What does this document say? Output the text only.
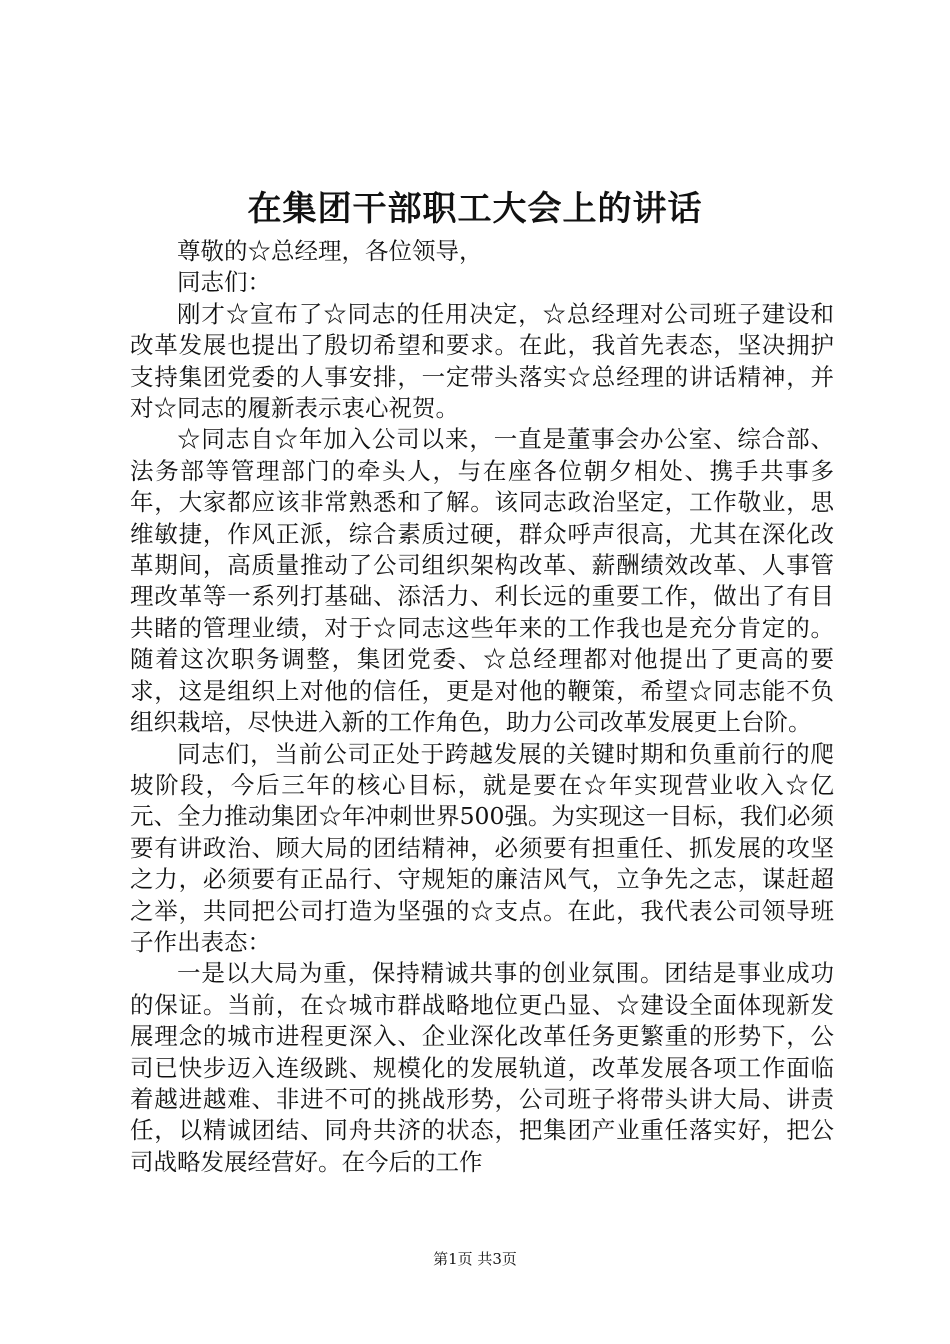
在集团干部职工大会上的讲话

尊敬的☆总经理，各位领导，

同志们：

刚才☆宣布了☆同志的任用决定，☆总经理对公司班子建设和改革发展也提出了殷切希望和要求。在此，我首先表态，坚决拥护支持集团党委的人事安排，一定带头落实☆总经理的讲话精神，并对☆同志的履新表示衷心祝贺。

☆同志自☆年加入公司以来，一直是董事会办公室、综合部、法务部等管理部门的牵头人，与在座各位朝夕相处、携手共事多年，大家都应该非常熟悉和了解。该同志政治坚定，工作敬业，思维敏捷，作风正派，综合素质过硬，群众呼声很高，尤其在深化改革期间，高质量推动了公司组织架构改革、薪酬绩效改革、人事管理改革等一系列打基础、添活力、利长远的重要工作，做出了有目共睹的管理业绩，对于☆同志这些年来的工作我也是充分肯定的。随着这次职务调整，集团党委、☆总经理都对他提出了更高的要求，这是组织上对他的信任，更是对他的鞭策，希望☆同志能不负组织栽培，尽快进入新的工作角色，助力公司改革发展更上台阶。

同志们，当前公司正处于跨越发展的关键时期和负重前行的爬坡阶段，今后三年的核心目标，就是要在☆年实现营业收入☆亿元、全力推动集团☆年冲刺世界500强。为实现这一目标，我们必须要有讲政治、顾大局的团结精神，必须要有担重任、抓发展的攻坚之力，必须要有正品行、守规矩的廉洁风气，立争先之志，谋赶超之举，共同把公司打造为坚强的☆支点。在此，我代表公司领导班子作出表态：

一是以大局为重，保持精诚共事的创业氛围。团结是事业成功的保证。当前，在☆城市群战略地位更凸显、☆建设全面体现新发展理念的城市进程更深入、企业深化改革任务更繁重的形势下，公司已快步迈入连级跳、规模化的发展轨道，改革发展各项工作面临着越进越难、非进不可的挑战形势，公司班子将带头讲大局、讲责任，以精诚团结、同舟共济的状态，把集团产业重任落实好，把公司战略发展经营好。在今后的工作

第1页 共3页
